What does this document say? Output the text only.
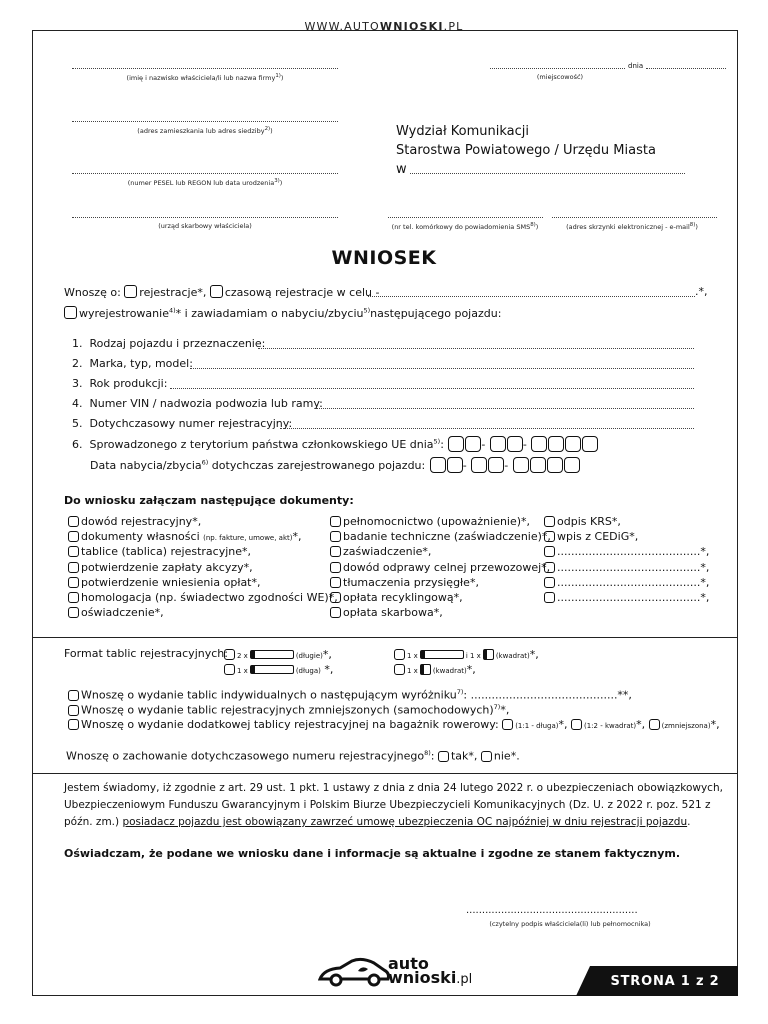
WWW.AUTOWNIOSKI.PL
(imię i nazwisko właściciela/li lub nazwa firmy$^{1)}$)
dnia
(miejscowość)
(adres zamieszkania lub adres siedziby$^{2)}$)
(numer PESEL lub REGON lub data urodzenia$^{3)}$)
(urząd skarbowy właściciela)
Wydział Komunikacji
Starostwa Powiatowego / Urzędu Miasta
w
(nr tel. komórkowy do powiadomienia SMS$^{8)}$)	(adres skrzynki elektronicznej - e-mail$^{8)}$)
WNIOSEK
Wnoszę o: rejestracje*, czasową rejestracje w celu -	.*,
wyrejestrowanie$^{4)}$* i zawiadamiam o nabyciu/zbyciu$^{5)}$następującego pojazdu:
1. Rodzaj pojazdu i przeznaczenie:
2. Marka, typ, model:
3. Rok produkcji:
4. Numer VIN / nadwozia podwozia lub ramy:
5. Dotychczasowy numer rejestracyjny:
6. Sprowadzonego z terytorium państwa członkowskiego UE dnia$^{5)}$:	-	-
Data nabycia/zbycia$^{6)}$ dotychczas zarejestrowanego pojazdu:	-	-
Do wniosku załączam następujące dokumenty:
dowód rejestracyjny*,
dokumenty własności (np. fakture, umowe, akt)*,
tablice (tablica) rejestracyjne*,
potwierdzenie zapłaty akcyzy*,
potwierdzenie wniesienia opłat*,
homologacja (np. świadectwo zgodności WE)*,
oświadczenie*,
pełnomocnictwo (upoważnienie)*,
badanie techniczne (zaświadczenie)*,
zaświadczenie*,
dowód odprawy celnej przewozowej*,
tłumaczenia przysięgłe*,
opłata recyklingową*,
opłata skarbowa*,
odpis KRS*,
wpis z CEDiG*,
.........................................*,
.........................................*,
.........................................*,
.........................................*,
Format tablic rejestracyjnych:	2 x	(długie)*,	1 x	i 1 x (kwadrat)*,
1 x	(długa) *,	1 x (kwadrat)*,
Wnoszę o wydanie tablic indywidualnych o następującym wyróżniku$^{7)}$: ..........................................**,
Wnoszę o wydanie tablic rejestracyjnych zmniejszonych (samochodowych)$^{7)}$*,
Wnoszę o wydanie dodatkowej tablicy rejestracyjnej na bagażnik rowerowy: (1:1 - długa)*, (1:2 - kwadrat)*, (zmniejszona)*,
Wnoszę o zachowanie dotychczasowego numeru rejestracyjnego$^{8)}$: tak*, nie*.
Jestem świadomy, iż zgodnie z art. 29 ust. 1 pkt. 1 ustawy z dnia z dnia 24 lutego 2022 r. o ubezpieczeniach obowiązkowych,
Ubezpieczeniowym Funduszu Gwarancyjnym i Polskim Biurze Ubezpieczycieli Komunikacyjnych (Dz. U. z 2022 r. poz. 521 z
późn. zm.) posiadacz pojazdu jest obowiązany zawrzeć umowę ubezpieczenia OC najpóźniej w dniu rejestracji pojazdu.
Oświadczam, że podane we wniosku dane i informacje są aktualne i zgodne ze stanem faktycznym.
......................................................
(czytelny podpis właściciela(li) lub pełnomocnika)
auto
wnioski.pl	STRONA 1 z 2
